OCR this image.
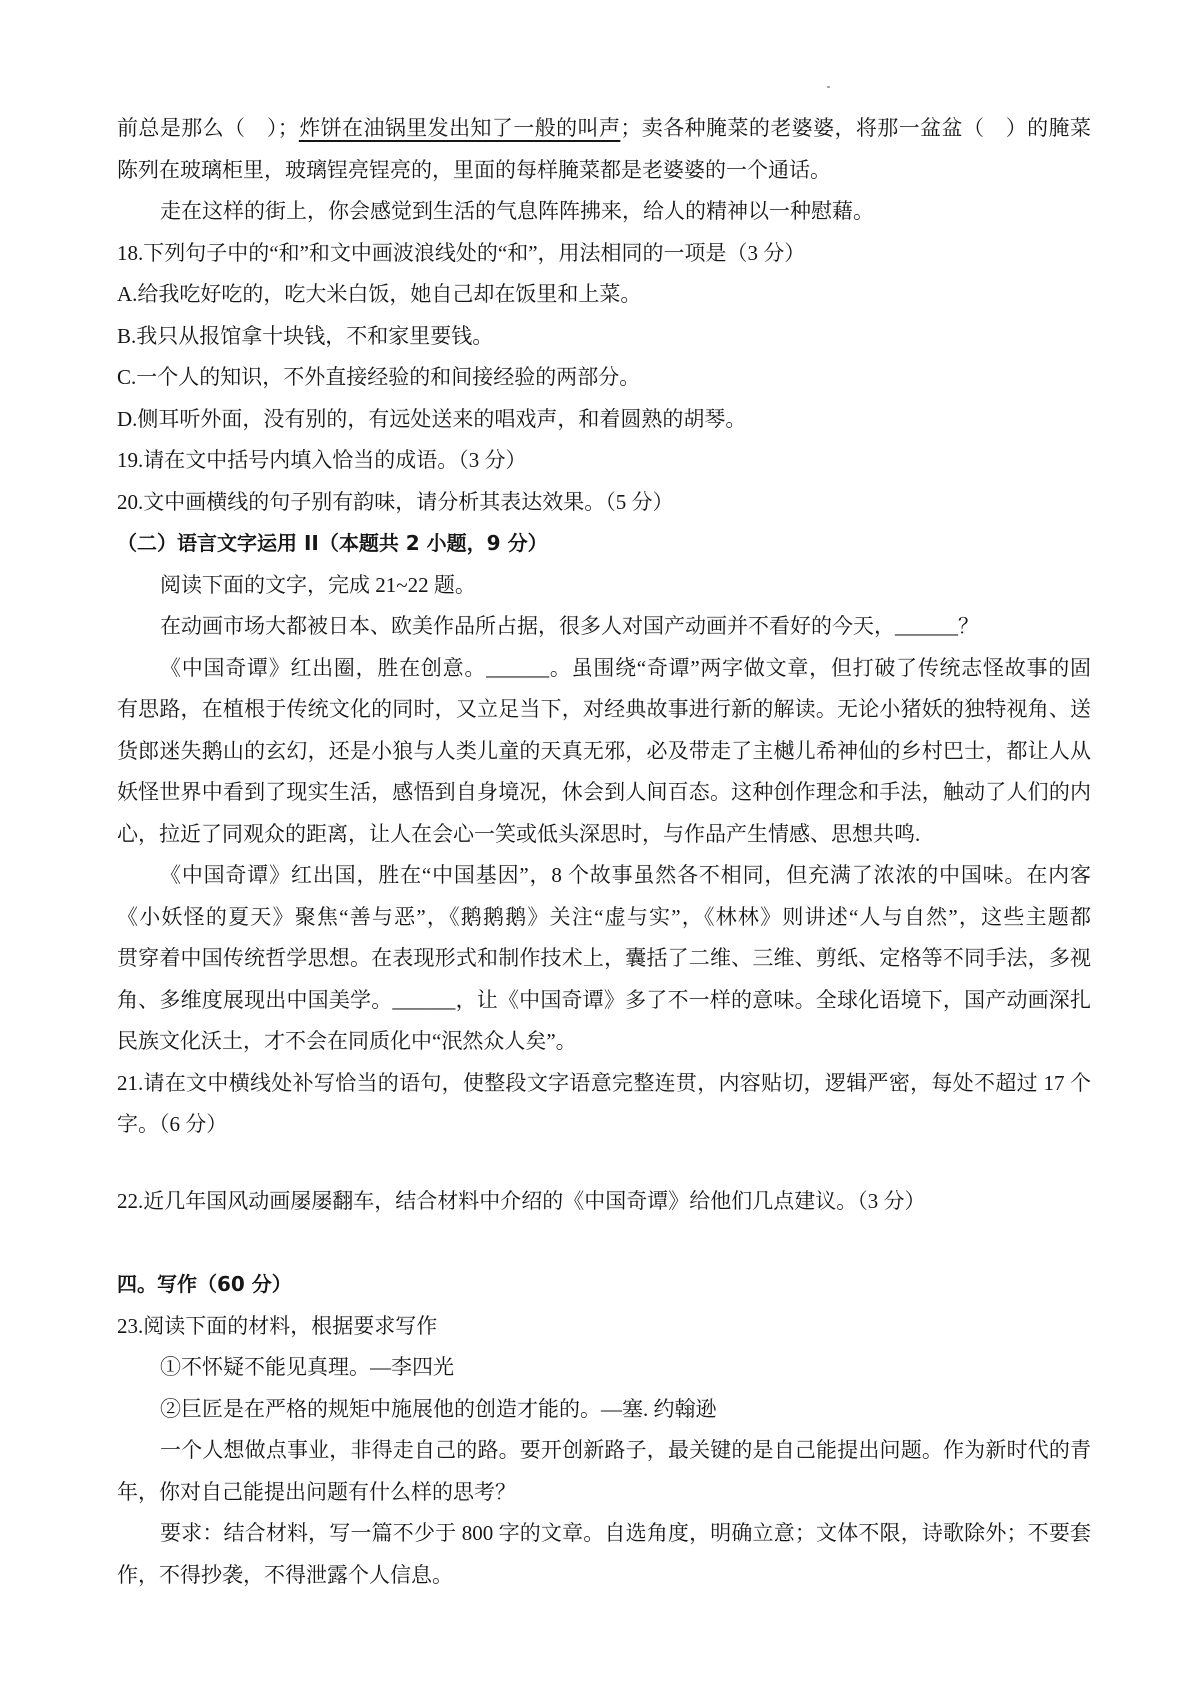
前总是那么（　）；炸饼在油锅里发出知了一般的叫声；卖各种腌菜的老婆婆，将那一盆盆（　）的腌菜
陈列在玻璃柜里，玻璃锃亮锃亮的，里面的每样腌菜都是老婆婆的一个通话。
走在这样的街上，你会感觉到生活的气息阵阵拂来，给人的精神以一种慰藉。
18.下列句子中的“和”和文中画波浪线处的“和”，用法相同的一项是（3 分）
A.给我吃好吃的，吃大米白饭，她自己却在饭里和上菜。
B.我只从报馆拿十块钱，不和家里要钱。
C.一个人的知识，不外直接经验的和间接经验的两部分。
D.侧耳听外面，没有别的，有远处送来的唱戏声，和着圆熟的胡琴。
19.请在文中括号内填入恰当的成语。（3 分）
20.文中画横线的句子别有韵味，请分析其表达效果。（5 分）
（二）语言文字运用 II（本题共 2 小题，9 分）
阅读下面的文字，完成 21~22 题。
在动画市场大都被日本、欧美作品所占据，很多人对国产动画并不看好的今天，______？
《中国奇谭》红出圈，胜在创意。______。虽围绕“奇谭”两字做文章，但打破了传统志怪故事的固
有思路，在植根于传统文化的同时，又立足当下，对经典故事进行新的解读。无论小猪妖的独特视角、送
货郎迷失鹅山的玄幻，还是小狼与人类儿童的天真无邪，必及带走了主樾儿希神仙的乡村巴士，都让人从
妖怪世界中看到了现实生活，感悟到自身境况，休会到人间百态。这种创作理念和手法，触动了人们的内
心，拉近了同观众的距离，让人在会心一笑或低头深思时，与作品产生情感、思想共鸣.
《中国奇谭》红出国，胜在“中国基因”，8 个故事虽然各不相同，但充满了浓浓的中国味。在内客
《小妖怪的夏天》聚焦“善与恶”，《鹅鹅鹅》关注“虚与实”，《林林》则讲述“人与自然”，这些主题都
贯穿着中国传统哲学思想。在表现形式和制作技术上，囊括了二维、三维、剪纸、定格等不同手法，多视
角、多维度展现出中国美学。______，让《中国奇谭》多了不一样的意味。全球化语境下，国产动画深扎
民族文化沃土，才不会在同质化中“泯然众人矣”。
21.请在文中横线处补写恰当的语句，使整段文字语意完整连贯，内容贴切，逻辑严密，每处不超过 17 个
字。（6 分）
22.近几年国风动画屡屡翻车，结合材料中介绍的《中国奇谭》给他们几点建议。（3 分）
四。写作（60 分）
23.阅读下面的材料，根据要求写作
①不怀疑不能见真理。—李四光
②巨匠是在严格的规矩中施展他的创造才能的。—塞. 约翰逊
一个人想做点事业，非得走自己的路。要开创新路子，最关键的是自己能提出问题。作为新时代的青
年，你对自己能提出问题有什么样的思考？
要求：结合材料，写一篇不少于 800 字的文章。自选角度，明确立意；文体不限，诗歌除外；不要套
作，不得抄袭，不得泄露个人信息。
